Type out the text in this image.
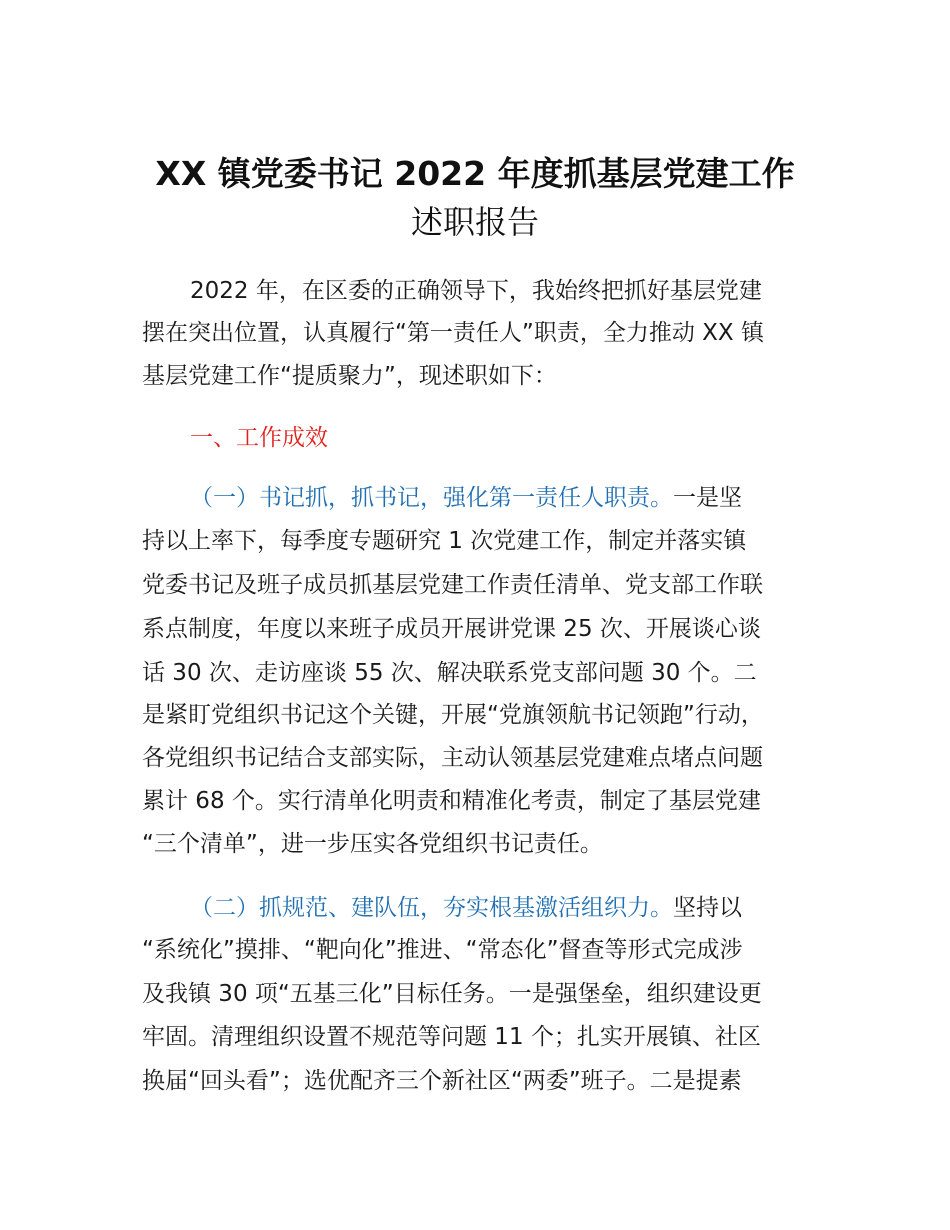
XX 镇党委书记 2022 年度抓基层党建工作
述职报告
2022 年，在区委的正确领导下，我始终把抓好基层党建
摆在突出位置，认真履行“第一责任人”职责，全力推动 XX 镇
基层党建工作“提质聚力”，现述职如下：
一、工作成效
（一）书记抓，抓书记，强化第一责任人职责。一是坚
持以上率下，每季度专题研究 1 次党建工作，制定并落实镇
党委书记及班子成员抓基层党建工作责任清单、党支部工作联
系点制度，年度以来班子成员开展讲党课 25 次、开展谈心谈
话 30 次、走访座谈 55 次、解决联系党支部问题 30 个。二
是紧盯党组织书记这个关键，开展“党旗领航书记领跑”行动，
各党组织书记结合支部实际，主动认领基层党建难点堵点问题
累计 68 个。实行清单化明责和精准化考责，制定了基层党建
“三个清单”，进一步压实各党组织书记责任。
（二）抓规范、建队伍，夯实根基激活组织力。坚持以
“系统化”摸排、“靶向化”推进、“常态化”督查等形式完成涉
及我镇 30 项“五基三化”目标任务。一是强堡垒，组织建设更
牢固。清理组织设置不规范等问题 11 个；扎实开展镇、社区
换届“回头看”；选优配齐三个新社区“两委”班子。二是提素
